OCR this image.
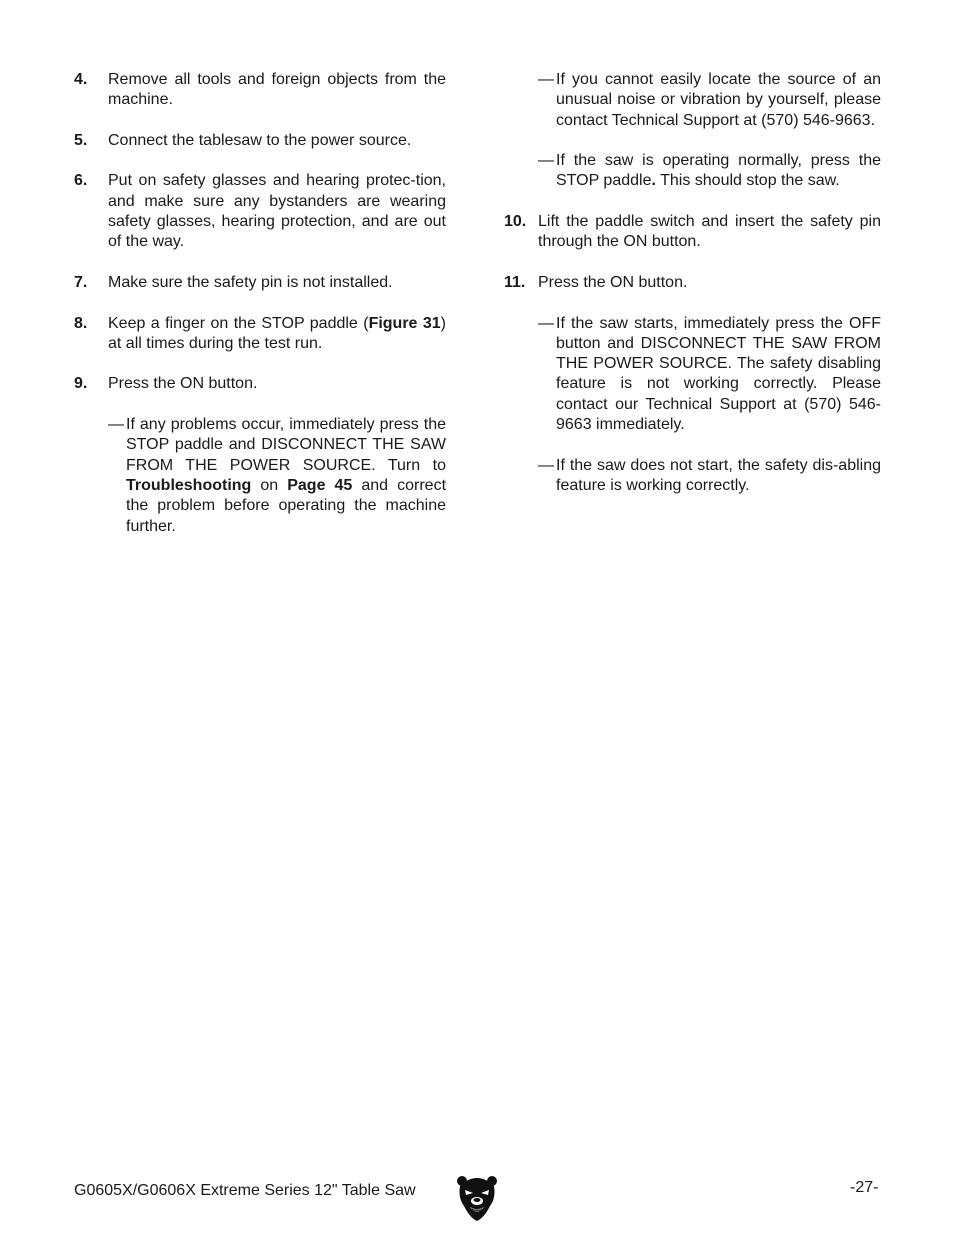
4. Remove all tools and foreign objects from the machine.
5. Connect the tablesaw to the power source.
6. Put on safety glasses and hearing protec-tion, and make sure any bystanders are wearing safety glasses, hearing protection, and are out of the way.
7. Make sure the safety pin is not installed.
8. Keep a finger on the STOP paddle (Figure 31) at all times during the test run.
9. Press the ON button.
— If any problems occur, immediately press the STOP paddle and DISCONNECT THE SAW FROM THE POWER SOURCE. Turn to Troubleshooting on Page 45 and correct the problem before operating the machine further.
— If you cannot easily locate the source of an unusual noise or vibration by yourself, please contact Technical Support at (570) 546-9663.
— If the saw is operating normally, press the STOP paddle. This should stop the saw.
10. Lift the paddle switch and insert the safety pin through the ON button.
11. Press the ON button.
— If the saw starts, immediately press the OFF button and DISCONNECT THE SAW FROM THE POWER SOURCE. The safety disabling feature is not working correctly. Please contact our Technical Support at (570) 546-9663 immediately.
— If the saw does not start, the safety dis-abling feature is working correctly.
G0605X/G0606X Extreme Series 12" Table Saw	-27-
